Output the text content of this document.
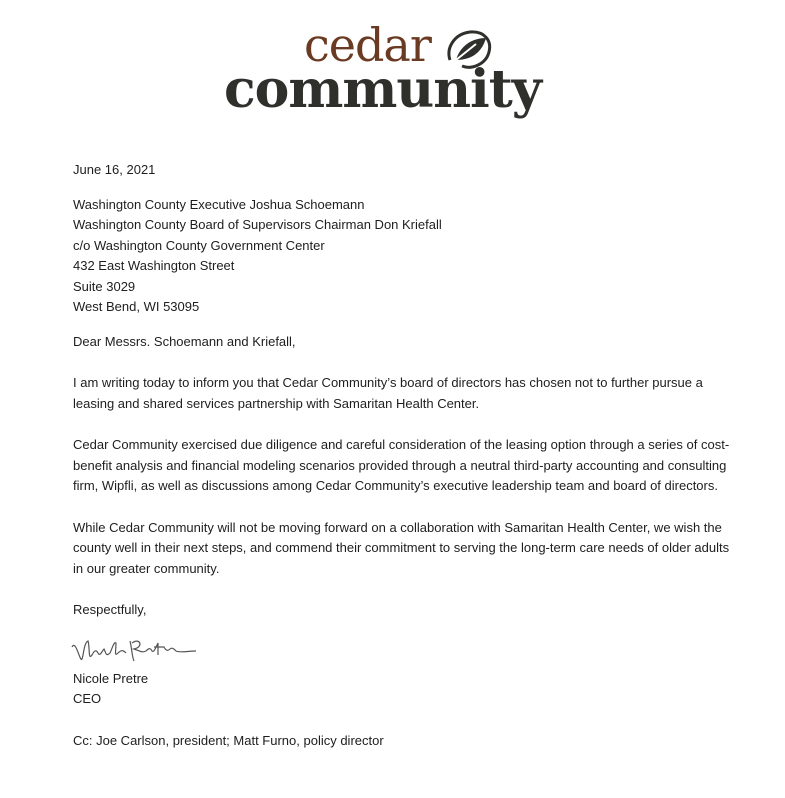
cedar
community

June 16, 2021

Washington County Executive Joshua Schoemann
Washington County Board of Supervisors Chairman Don Kriefall
c/o Washington County Government Center
432 East Washington Street
Suite 3029
West Bend, WI 53095

Dear Messrs. Schoemann and Kriefall,

I am writing today to inform you that Cedar Community’s board of directors has chosen not to further pursue a leasing and shared services partnership with Samaritan Health Center.

Cedar Community exercised due diligence and careful consideration of the leasing option through a series of cost-benefit analysis and financial modeling scenarios provided through a neutral third-party accounting and consulting firm, Wipfli, as well as discussions among Cedar Community’s executive leadership team and board of directors.

While Cedar Community will not be moving forward on a collaboration with Samaritan Health Center, we wish the county well in their next steps, and commend their commitment to serving the long-term care needs of older adults in our greater community.

Respectfully,

Nicole Pretre

CEO

Cc: Joe Carlson, president; Matt Furno, policy director
